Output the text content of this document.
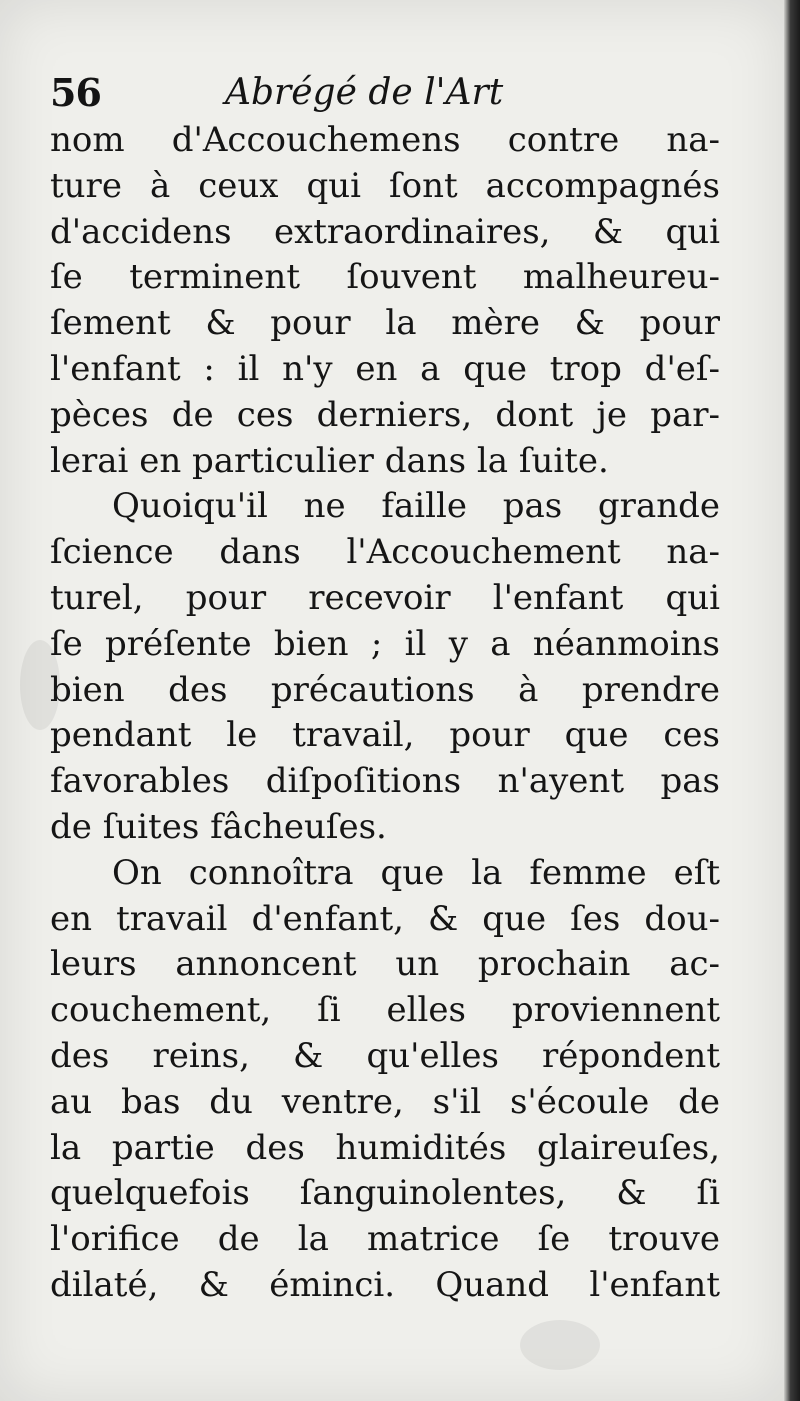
56	Abrégé de l'Art
nom d'Accouchemens contre na-
ture à ceux qui ſont accompagnés
d'accidens extraordinaires, & qui
ſe terminent ſouvent malheureu-
ſement & pour la mère & pour
l'enfant : il n'y en a que trop d'eſ-
pèces de ces derniers, dont je par-
lerai en particulier dans la ſuite.
Quoiqu'il ne faille pas grande
ſcience dans l'Accouchement na-
turel, pour recevoir l'enfant qui
ſe préſente bien ; il y a néanmoins
bien des précautions à prendre
pendant le travail, pour que ces
favorables diſpoſitions n'ayent pas
de ſuites fâcheuſes.
On connoîtra que la femme eſt
en travail d'enfant, & que ſes dou-
leurs annoncent un prochain ac-
couchement, ſi elles proviennent
des reins, & qu'elles répondent
au bas du ventre, s'il s'écoule de
la partie des humidités glaireuſes,
quelquefois ſanguinolentes, & ſi
l'orifice de la matrice ſe trouve
dilaté, & éminci. Quand l'enfant
